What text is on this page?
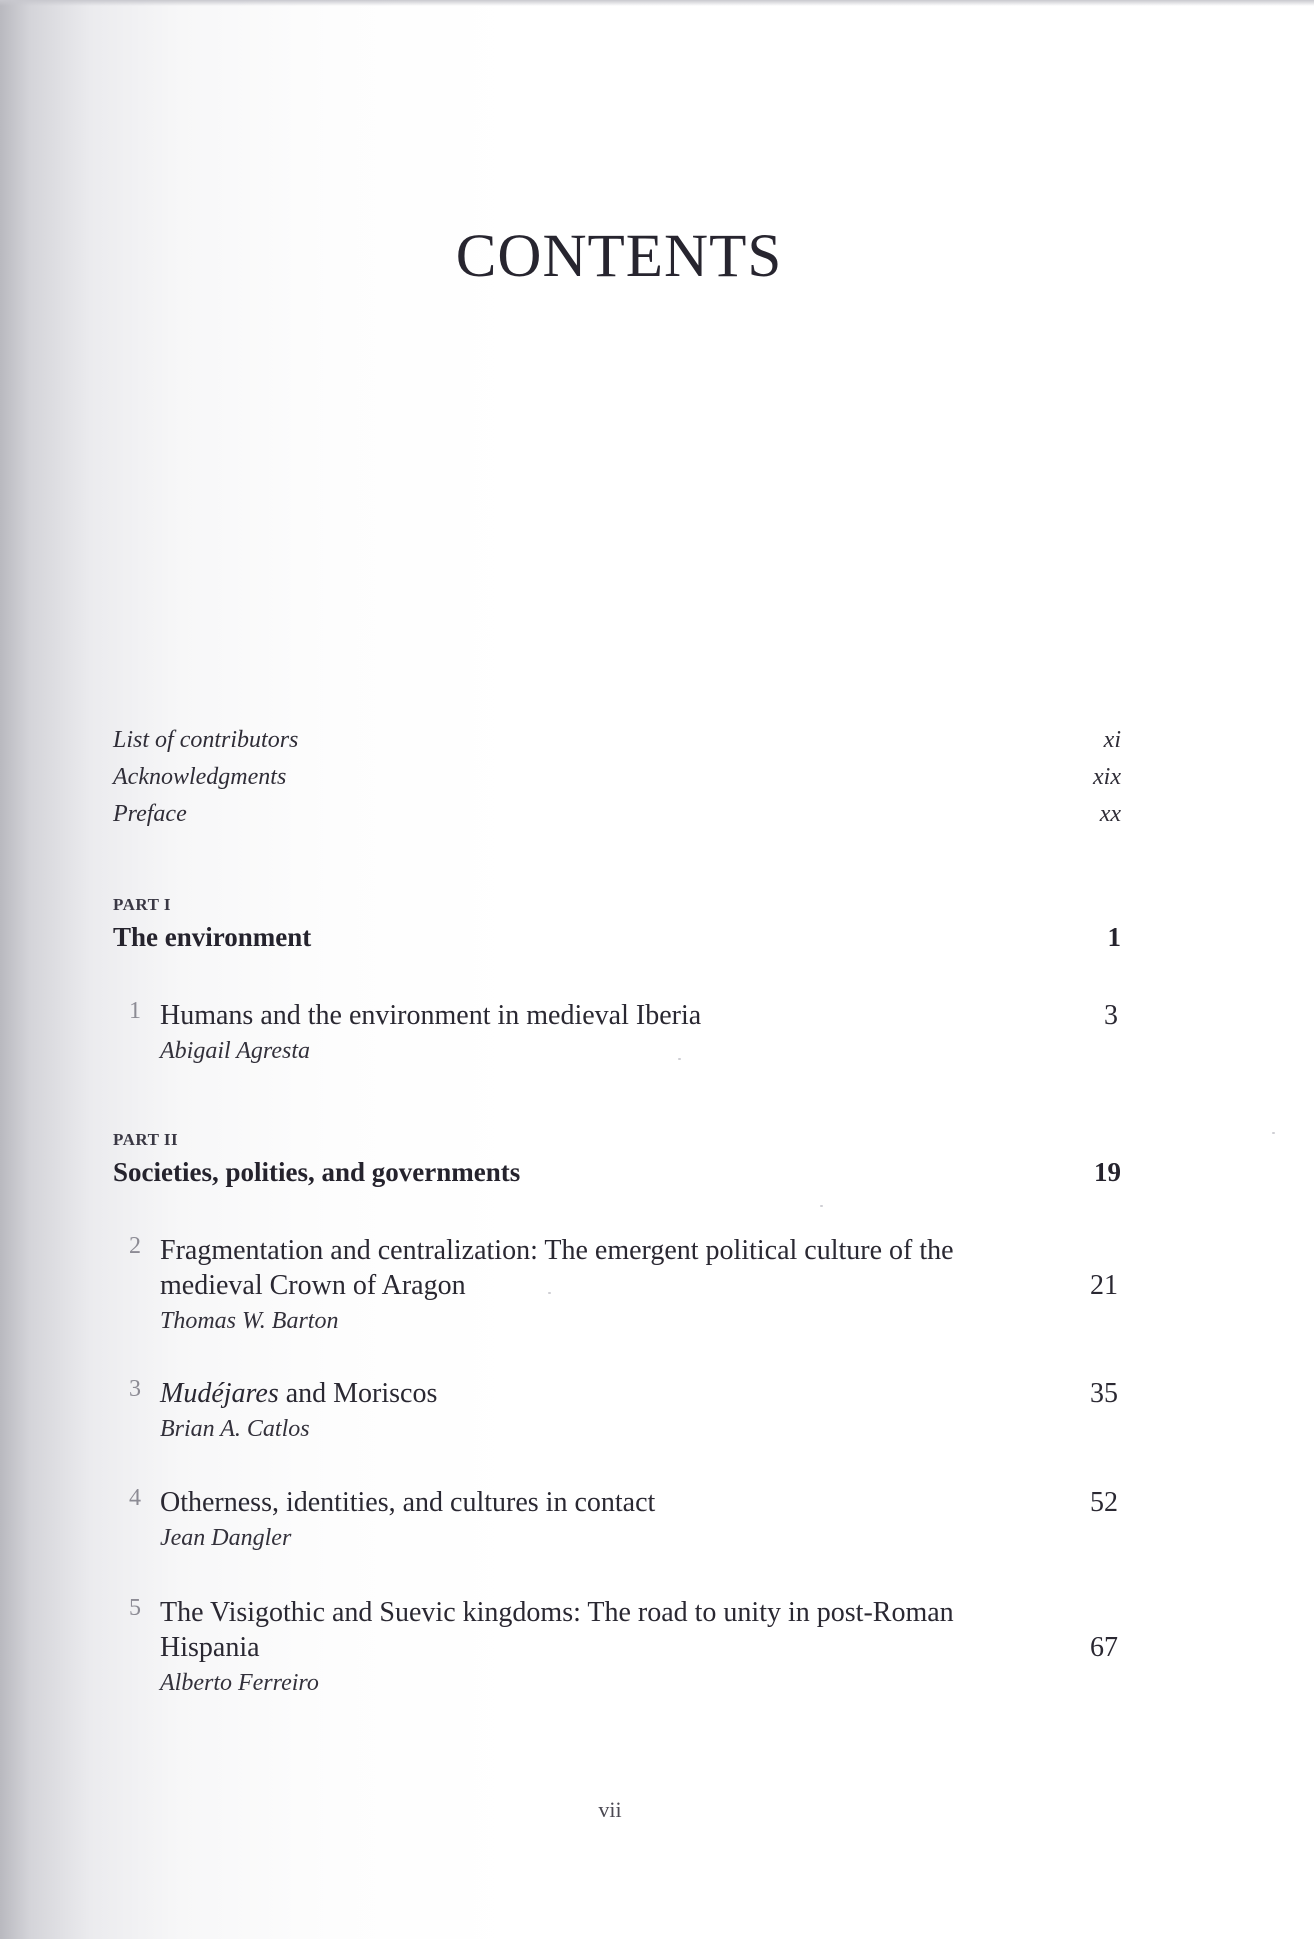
CONTENTS
List of contributors	xi
Acknowledgments	xix
Preface	xx
PART I
The environment	1
1 Humans and the environment in medieval Iberia	3
Abigail Agresta
PART II
Societies, polities, and governments	19
2 Fragmentation and centralization: The emergent political culture of the
medieval Crown of Aragon	21
Thomas W. Barton
3 Mudéjares and Moriscos	35
Brian A. Catlos
4 Otherness, identities, and cultures in contact	52
Jean Dangler
5 The Visigothic and Suevic kingdoms: The road to unity in post-Roman
Hispania	67
Alberto Ferreiro
vii
